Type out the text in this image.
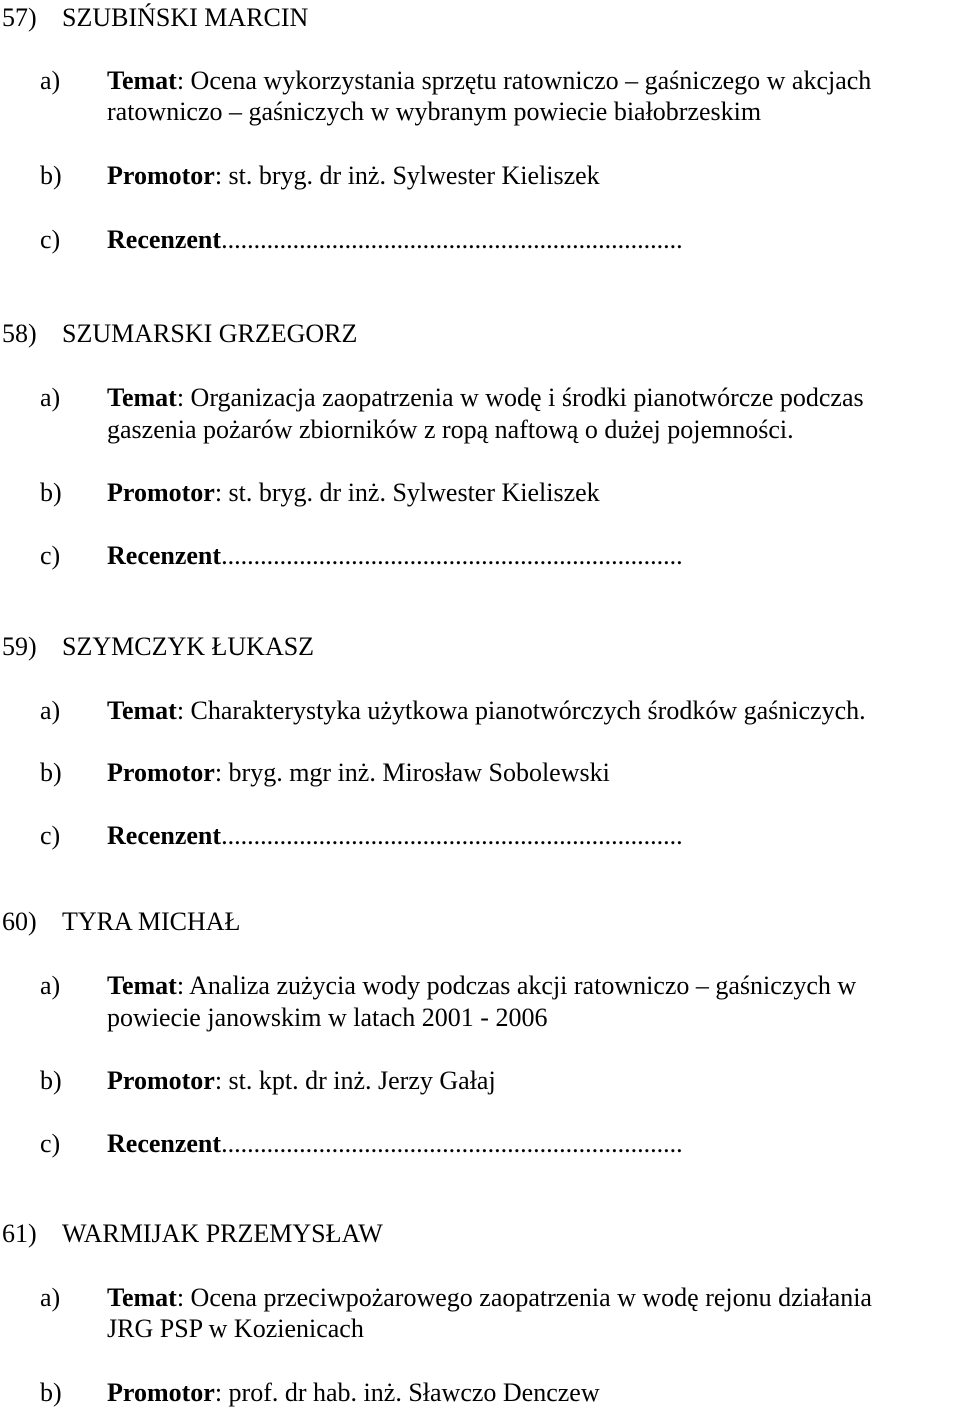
57) SZUBIŃSKI MARCIN
a) Temat: Ocena wykorzystania sprzętu ratowniczo – gaśniczego w akcjach
ratowniczo – gaśniczych w wybranym powiecie białobrzeskim
b) Promotor: st. bryg. dr inż. Sylwester Kieliszek
c) Recenzent.......................................................................
58) SZUMARSKI GRZEGORZ
a) Temat: Organizacja zaopatrzenia w wodę i środki pianotwórcze podczas
gaszenia pożarów zbiorników z ropą naftową o dużej pojemności.
b) Promotor: st. bryg. dr inż. Sylwester Kieliszek
c) Recenzent.......................................................................
59) SZYMCZYK ŁUKASZ
a) Temat: Charakterystyka użytkowa pianotwórczych środków gaśniczych.
b) Promotor: bryg. mgr inż. Mirosław Sobolewski
c) Recenzent.......................................................................
60) TYRA MICHAŁ
a) Temat: Analiza zużycia wody podczas akcji ratowniczo – gaśniczych w
powiecie janowskim w latach 2001 - 2006
b) Promotor: st. kpt. dr inż. Jerzy Gałaj
c) Recenzent.......................................................................
61) WARMIJAK PRZEMYSŁAW
a) Temat: Ocena przeciwpożarowego zaopatrzenia w wodę rejonu działania
JRG PSP w Kozienicach
b) Promotor: prof. dr hab. inż. Sławczo Denczew
